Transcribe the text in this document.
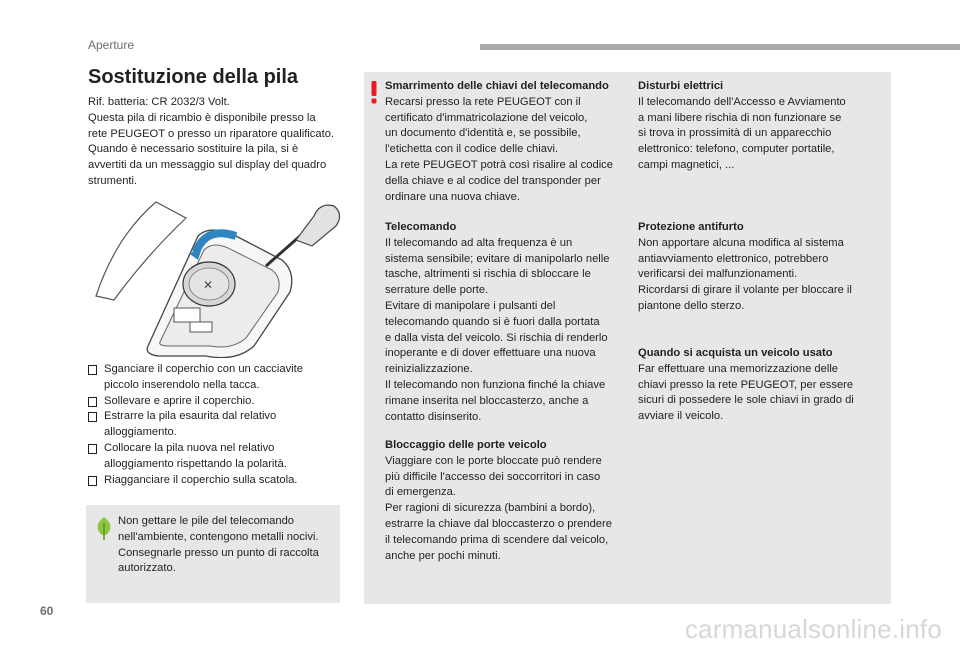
Aperture
Sostituzione della pila

Rif. batteria: CR 2032/3 Volt.

Questa pila di ricambio è disponibile presso la

rete PEUGEOT o presso un riparatore qualificato.

Quando è necessario sostituire la pila, si è

avvertiti da un messaggio sul display del quadro

strumenti.

✕
Sganciare il coperchio con un cacciavite
piccolo inserendolo nella tacca.
Sollevare e aprire il coperchio.
Estrarre la pila esaurita dal relativo
alloggiamento.
Collocare la pila nuova nel relativo
alloggiamento rispettando la polarità.
Riagganciare il coperchio sulla scatola.

Non gettare le pile del telecomando

nell'ambiente, contengono metalli nocivi.

Consegnarle presso un punto di raccolta

autorizzato.

Smarrimento delle chiavi del telecomando

Recarsi presso la rete PEUGEOT con il

certificato d'immatricolazione del veicolo,

un documento d'identità e, se possibile,

l'etichetta con il codice delle chiavi.

La rete PEUGEOT potrà così risalire al codice

della chiave e al codice del transponder per

ordinare una nuova chiave.

Telecomando

Il telecomando ad alta frequenza è un

sistema sensibile; evitare di manipolarlo nelle

tasche, altrimenti si rischia di sbloccare le

serrature delle porte.

Evitare di manipolare i pulsanti del

telecomando quando si è fuori dalla portata

e dalla vista del veicolo. Si rischia di renderlo

inoperante e di dover effettuare una nuova

reinizializzazione.

Il telecomando non funziona finché la chiave

rimane inserita nel bloccasterzo, anche a

contatto disinserito.

Bloccaggio delle porte veicolo

Viaggiare con le porte bloccate può rendere

più difficile l'accesso dei soccorritori in caso

di emergenza.

Per ragioni di sicurezza (bambini a bordo),

estrarre la chiave dal bloccasterzo o prendere

il telecomando prima di scendere dal veicolo,

anche per pochi minuti.

Disturbi elettrici

Il telecomando dell'Accesso e Avviamento

a mani libere rischia di non funzionare se

si trova in prossimità di un apparecchio

elettronico: telefono, computer portatile,

campi magnetici, ...

Protezione antifurto

Non apportare alcuna modifica al sistema

antiavviamento elettronico, potrebbero

verificarsi dei malfunzionamenti.

Ricordarsi di girare il volante per bloccare il

piantone dello sterzo.

Quando si acquista un veicolo usato

Far effettuare una memorizzazione delle

chiavi presso la rete PEUGEOT, per essere

sicuri di possedere le sole chiavi in grado di

avviare il veicolo.

60
carmanualsonline.info
